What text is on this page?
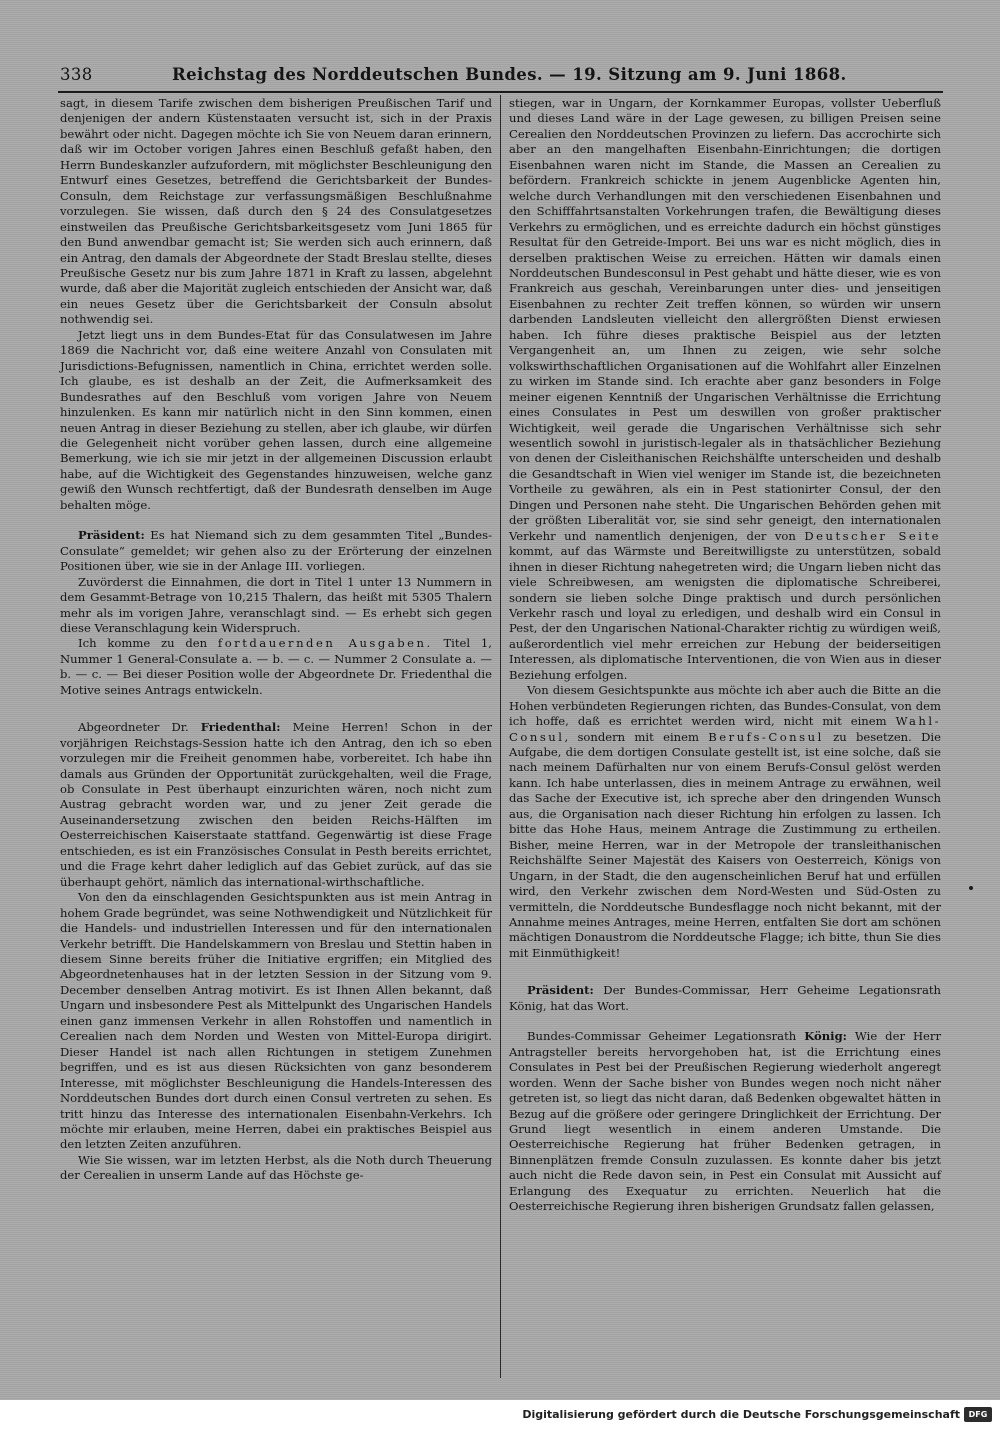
338	Reichstag des Norddeutschen Bundes. — 19. Sitzung am 9. Juni 1868.

sagt, in diesem Tarife zwischen dem bisherigen Preußischen Tarif und denjenigen der andern Küstenstaaten versucht ist, sich in der Praxis bewährt oder nicht. Dagegen möchte ich Sie von Neuem daran erinnern, daß wir im October vorigen Jahres einen Beschluß gefaßt haben, den Herrn Bundeskanzler aufzufordern, mit möglichster Beschleunigung den Entwurf eines Gesetzes, betreffend die Gerichtsbarkeit der Bundes-Consuln, dem Reichstage zur verfassungsmäßigen Beschlußnahme vorzulegen. Sie wissen, daß durch den § 24 des Consulatgesetzes einstweilen das Preußische Gerichtsbarkeitsgesetz vom Juni 1865 für den Bund anwendbar gemacht ist; Sie werden sich auch erinnern, daß ein Antrag, den damals der Abgeordnete der Stadt Breslau stellte, dieses Preußische Gesetz nur bis zum Jahre 1871 in Kraft zu lassen, abgelehnt wurde, daß aber die Majorität zugleich entschieden der Ansicht war, daß ein neues Gesetz über die Gerichtsbarkeit der Consuln absolut nothwendig sei.

Jetzt liegt uns in dem Bundes-Etat für das Consulatwesen im Jahre 1869 die Nachricht vor, daß eine weitere Anzahl von Consulaten mit Jurisdictions-Befugnissen, namentlich in China, errichtet werden solle. Ich glaube, es ist deshalb an der Zeit, die Aufmerksamkeit des Bundesrathes auf den Beschluß vom vorigen Jahre von Neuem hinzulenken. Es kann mir natürlich nicht in den Sinn kommen, einen neuen Antrag in dieser Beziehung zu stellen, aber ich glaube, wir dürfen die Gelegenheit nicht vorüber gehen lassen, durch eine allgemeine Bemerkung, wie ich sie mir jetzt in der allgemeinen Discussion erlaubt habe, auf die Wichtigkeit des Gegenstandes hinzuweisen, welche ganz gewiß den Wunsch rechtfertigt, daß der Bundesrath denselben im Auge behalten möge.

Präsident: Es hat Niemand sich zu dem gesammten Titel „Bundes-Consulate“ gemeldet; wir gehen also zu der Erörterung der einzelnen Positionen über, wie sie in der Anlage III. vorliegen.

Zuvörderst die Einnahmen, die dort in Titel 1 unter 13 Nummern in dem Gesammt-Betrage von 10,215 Thalern, das heißt mit 5305 Thalern mehr als im vorigen Jahre, veranschlagt sind. — Es erhebt sich gegen diese Veranschlagung kein Widerspruch.

Ich komme zu den fortdauernden Ausgaben. Titel 1, Nummer 1 General-Consulate a. — b. — c. — Nummer 2 Consulate a. — b. — c. — Bei dieser Position wolle der Abgeordnete Dr. Friedenthal die Motive seines Antrags entwickeln.

Abgeordneter Dr. Friedenthal: Meine Herren! Schon in der vorjährigen Reichstags-Session hatte ich den Antrag, den ich so eben vorzulegen mir die Freiheit genommen habe, vorbereitet. Ich habe ihn damals aus Gründen der Opportunität zurückgehalten, weil die Frage, ob Consulate in Pest überhaupt einzurichten wären, noch nicht zum Austrag gebracht worden war, und zu jener Zeit gerade die Auseinandersetzung zwischen den beiden Reichs-Hälften im Oesterreichischen Kaiserstaate stattfand. Gegenwärtig ist diese Frage entschieden, es ist ein Französisches Consulat in Pesth bereits errichtet, und die Frage kehrt daher lediglich auf das Gebiet zurück, auf das sie überhaupt gehört, nämlich das international-wirthschaftliche.

Von den da einschlagenden Gesichtspunkten aus ist mein Antrag in hohem Grade begründet, was seine Nothwendigkeit und Nützlichkeit für die Handels- und industriellen Interessen und für den internationalen Verkehr betrifft. Die Handelskammern von Breslau und Stettin haben in diesem Sinne bereits früher die Initiative ergriffen; ein Mitglied des Abgeordnetenhauses hat in der letzten Session in der Sitzung vom 9. December denselben Antrag motivirt. Es ist Ihnen Allen bekannt, daß Ungarn und insbesondere Pest als Mittelpunkt des Ungarischen Handels einen ganz immensen Verkehr in allen Rohstoffen und namentlich in Cerealien nach dem Norden und Westen von Mittel-Europa dirigirt. Dieser Handel ist nach allen Richtungen in stetigem Zunehmen begriffen, und es ist aus diesen Rücksichten von ganz besonderem Interesse, mit möglichster Beschleunigung die Handels-Interessen des Norddeutschen Bundes dort durch einen Consul vertreten zu sehen. Es tritt hinzu das Interesse des internationalen Eisenbahn-Verkehrs. Ich möchte mir erlauben, meine Herren, dabei ein praktisches Beispiel aus den letzten Zeiten anzuführen.

Wie Sie wissen, war im letzten Herbst, als die Noth durch Theuerung der Cerealien in unserm Lande auf das Höchste ge-

stiegen, war in Ungarn, der Kornkammer Europas, vollster Ueberfluß und dieses Land wäre in der Lage gewesen, zu billigen Preisen seine Cerealien den Norddeutschen Provinzen zu liefern. Das accrochirte sich aber an den mangelhaften Eisenbahn-Einrichtungen; die dortigen Eisenbahnen waren nicht im Stande, die Massen an Cerealien zu befördern. Frankreich schickte in jenem Augenblicke Agenten hin, welche durch Verhandlungen mit den verschiedenen Eisenbahnen und den Schifffahrtsanstalten Vorkehrungen trafen, die Bewältigung dieses Verkehrs zu ermöglichen, und es erreichte dadurch ein höchst günstiges Resultat für den Getreide-Import. Bei uns war es nicht möglich, dies in derselben praktischen Weise zu erreichen. Hätten wir damals einen Norddeutschen Bundesconsul in Pest gehabt und hätte dieser, wie es von Frankreich aus geschah, Vereinbarungen unter dies- und jenseitigen Eisenbahnen zu rechter Zeit treffen können, so würden wir unsern darbenden Landsleuten vielleicht den allergrößten Dienst erwiesen haben. Ich führe dieses praktische Beispiel aus der letzten Vergangenheit an, um Ihnen zu zeigen, wie sehr solche volkswirthschaftlichen Organisationen auf die Wohlfahrt aller Einzelnen zu wirken im Stande sind. Ich erachte aber ganz besonders in Folge meiner eigenen Kenntniß der Ungarischen Verhältnisse die Errichtung eines Consulates in Pest um deswillen von großer praktischer Wichtigkeit, weil gerade die Ungarischen Verhältnisse sich sehr wesentlich sowohl in juristisch-legaler als in thatsächlicher Beziehung von denen der Cisleithanischen Reichshälfte unterscheiden und deshalb die Gesandtschaft in Wien viel weniger im Stande ist, die bezeichneten Vortheile zu gewähren, als ein in Pest stationirter Consul, der den Dingen und Personen nahe steht. Die Ungarischen Behörden gehen mit der größten Liberalität vor, sie sind sehr geneigt, den internationalen Verkehr und namentlich denjenigen, der von Deutscher Seite kommt, auf das Wärmste und Bereitwilligste zu unterstützen, sobald ihnen in dieser Richtung nahegetreten wird; die Ungarn lieben nicht das viele Schreibwesen, am wenigsten die diplomatische Schreiberei, sondern sie lieben solche Dinge praktisch und durch persönlichen Verkehr rasch und loyal zu erledigen, und deshalb wird ein Consul in Pest, der den Ungarischen National-Charakter richtig zu würdigen weiß, außerordentlich viel mehr erreichen zur Hebung der beiderseitigen Interessen, als diplomatische Interventionen, die von Wien aus in dieser Beziehung erfolgen.

Von diesem Gesichtspunkte aus möchte ich aber auch die Bitte an die Hohen verbündeten Regierungen richten, das Bundes-Consulat, von dem ich hoffe, daß es errichtet werden wird, nicht mit einem Wahl-Consul, sondern mit einem Berufs-Consul zu besetzen. Die Aufgabe, die dem dortigen Consulate gestellt ist, ist eine solche, daß sie nach meinem Dafürhalten nur von einem Berufs-Consul gelöst werden kann. Ich habe unterlassen, dies in meinem Antrage zu erwähnen, weil das Sache der Executive ist, ich spreche aber den dringenden Wunsch aus, die Organisation nach dieser Richtung hin erfolgen zu lassen. Ich bitte das Hohe Haus, meinem Antrage die Zustimmung zu ertheilen. Bisher, meine Herren, war in der Metropole der transleithanischen Reichshälfte Seiner Majestät des Kaisers von Oesterreich, Königs von Ungarn, in der Stadt, die den augenscheinlichen Beruf hat und erfüllen wird, den Verkehr zwischen dem Nord-Westen und Süd-Osten zu vermitteln, die Norddeutsche Bundesflagge noch nicht bekannt, mit der Annahme meines Antrages, meine Herren, entfalten Sie dort am schönen mächtigen Donaustrom die Norddeutsche Flagge; ich bitte, thun Sie dies mit Einmüthigkeit!

Präsident: Der Bundes-Commissar, Herr Geheime Legationsrath König, hat das Wort.

Bundes-Commissar Geheimer Legationsrath König: Wie der Herr Antragsteller bereits hervorgehoben hat, ist die Errichtung eines Consulates in Pest bei der Preußischen Regierung wiederholt angeregt worden. Wenn der Sache bisher von Bundes wegen noch nicht näher getreten ist, so liegt das nicht daran, daß Bedenken obgewaltet hätten in Bezug auf die größere oder geringere Dringlichkeit der Errichtung. Der Grund liegt wesentlich in einem anderen Umstande. Die Oesterreichische Regierung hat früher Bedenken getragen, in Binnenplätzen fremde Consuln zuzulassen. Es konnte daher bis jetzt auch nicht die Rede davon sein, in Pest ein Consulat mit Aussicht auf Erlangung des Exequatur zu errichten. Neuerlich hat die Oesterreichische Regierung ihren bisherigen Grundsatz fallen gelassen,

Digitalisierung gefördert durch die Deutsche Forschungsgemeinschaft	DFG
